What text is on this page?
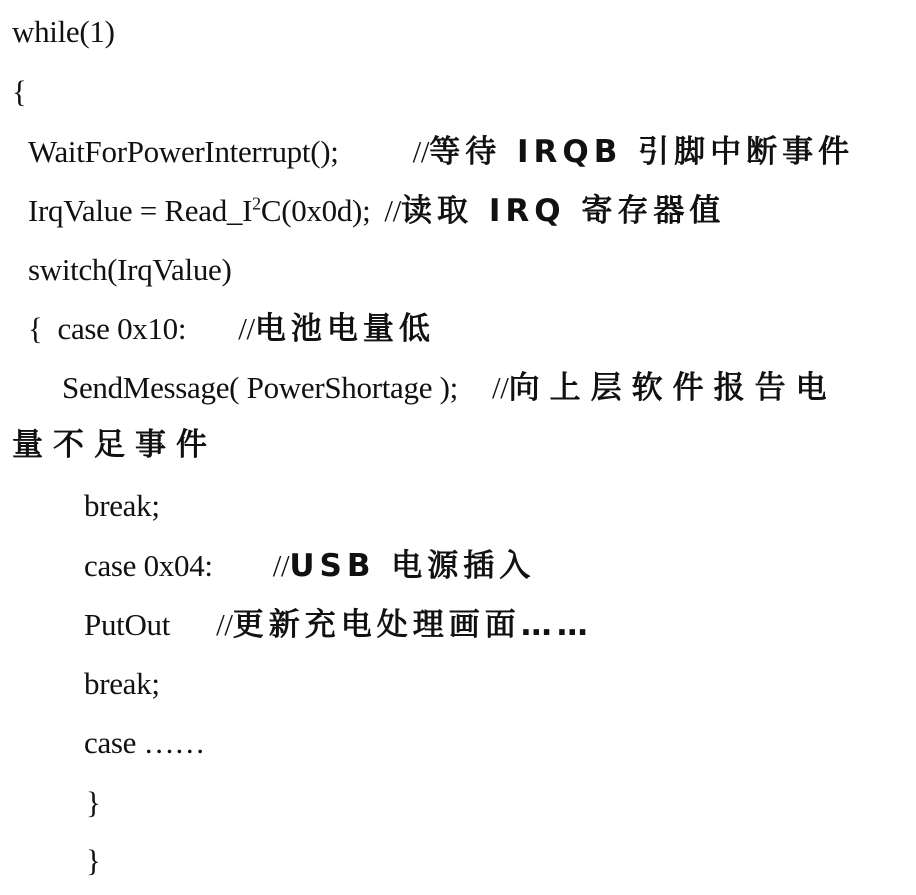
while(1)
{
WaitForPowerInterrupt(); //等待 IRQB 引脚中断事件
IrqValue = $Read\_I^2C(0x0d)$; //读取 IRQ 寄存器值
switch(IrqValue)
{  case 0x10: //电池电量低
SendMessage( PowerShortage ); //向上层软件报告电
量不足事件
break;
case 0x04: //USB 电源插入
PutOut //更新充电处理画面……
break;
case ……
}
}
